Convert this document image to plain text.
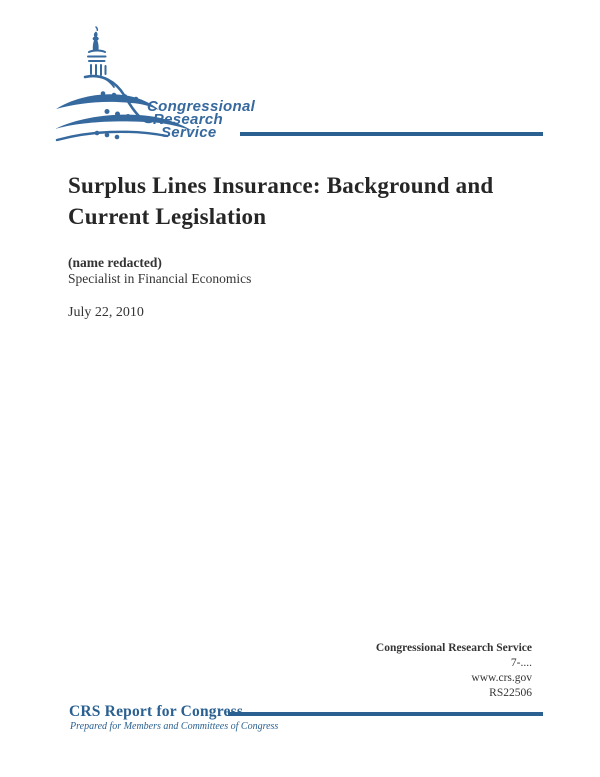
Congressional
Research
Service
Surplus Lines Insurance: Background and
Current Legislation

(name redacted)

Specialist in Financial Economics

July 22, 2010

Congressional Research Service
7-....
www.crs.gov
RS22506
CRS Report for Congress
Prepared for Members and Committees of Congress
